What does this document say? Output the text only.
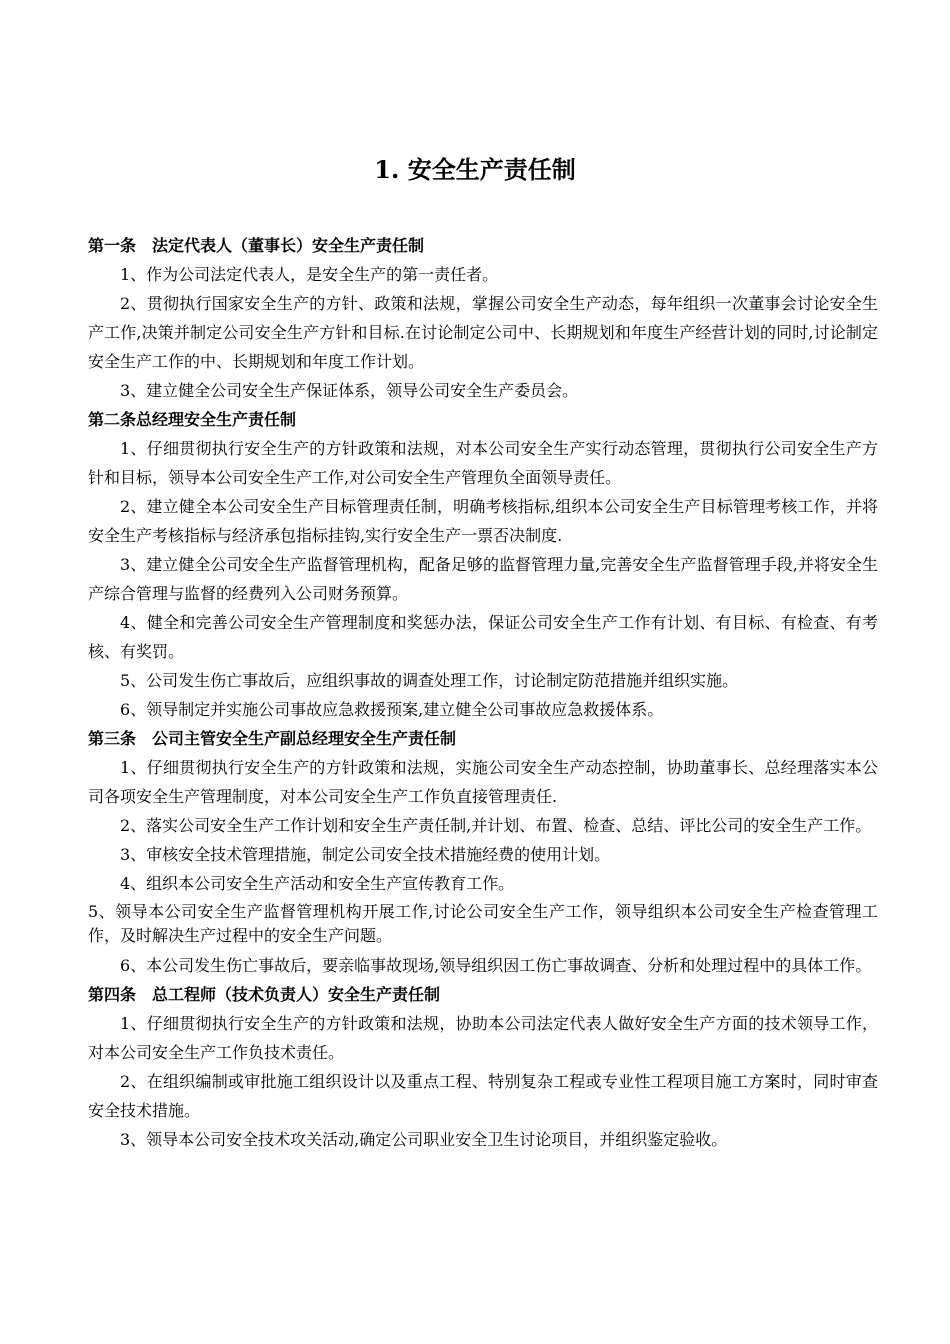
1. 安全生产责任制

第一条　法定代表人（董事长）安全生产责任制

1、作为公司法定代表人，是安全生产的第一责任者。

2、贯彻执行国家安全生产的方针、政策和法规，掌握公司安全生产动态，每年组织一次董事会讨论安全生产工作,决策并制定公司安全生产方针和目标.在讨论制定公司中、长期规划和年度生产经营计划的同时,讨论制定安全生产工作的中、长期规划和年度工作计划。

3、建立健全公司安全生产保证体系，领导公司安全生产委员会。

第二条总经理安全生产责任制

1、仔细贯彻执行安全生产的方针政策和法规，对本公司安全生产实行动态管理，贯彻执行公司安全生产方针和目标，领导本公司安全生产工作,对公司安全生产管理负全面领导责任。

2、建立健全本公司安全生产目标管理责任制，明确考核指标,组织本公司安全生产目标管理考核工作，并将安全生产考核指标与经济承包指标挂钩,实行安全生产一票否决制度.

3、建立健全公司安全生产监督管理机构，配备足够的监督管理力量,完善安全生产监督管理手段,并将安全生产综合管理与监督的经费列入公司财务预算。

4、健全和完善公司安全生产管理制度和奖惩办法，保证公司安全生产工作有计划、有目标、有检查、有考核、有奖罚。

5、公司发生伤亡事故后，应组织事故的调查处理工作，讨论制定防范措施并组织实施。

6、领导制定并实施公司事故应急救援预案,建立健全公司事故应急救援体系。

第三条　公司主管安全生产副总经理安全生产责任制

1、仔细贯彻执行安全生产的方针政策和法规，实施公司安全生产动态控制，协助董事长、总经理落实本公司各项安全生产管理制度，对本公司安全生产工作负直接管理责任.

2、落实公司安全生产工作计划和安全生产责任制,并计划、布置、检查、总结、评比公司的安全生产工作。

3、审核安全技术管理措施，制定公司安全技术措施经费的使用计划。

4、组织本公司安全生产活动和安全生产宣传教育工作。

5、领导本公司安全生产监督管理机构开展工作,讨论公司安全生产工作，领导组织本公司安全生产检查管理工作，及时解决生产过程中的安全生产问题。

6、本公司发生伤亡事故后，要亲临事故现场,领导组织因工伤亡事故调查、分析和处理过程中的具体工作。

第四条　总工程师（技术负责人）安全生产责任制

1、仔细贯彻执行安全生产的方针政策和法规，协助本公司法定代表人做好安全生产方面的技术领导工作，对本公司安全生产工作负技术责任。

2、在组织编制或审批施工组织设计以及重点工程、特别复杂工程或专业性工程项目施工方案时，同时审查安全技术措施。

3、领导本公司安全技术攻关活动,确定公司职业安全卫生讨论项目，并组织鉴定验收。
